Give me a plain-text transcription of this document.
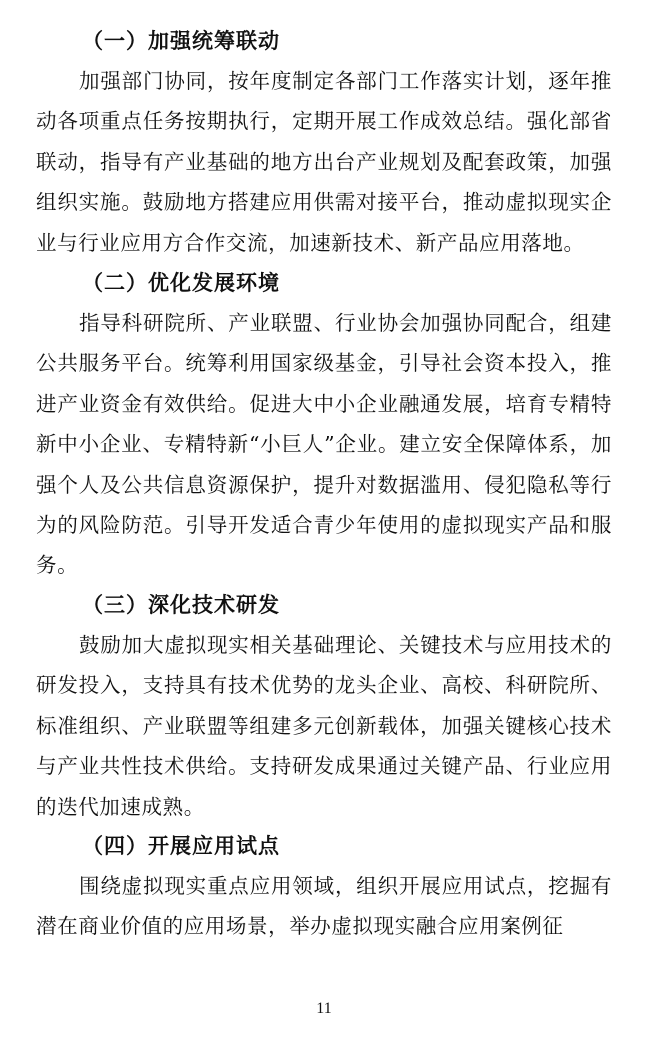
（一）加强统筹联动

加强部门协同，按年度制定各部门工作落实计划，逐年推动各项重点任务按期执行，定期开展工作成效总结。强化部省联动，指导有产业基础的地方出台产业规划及配套政策，加强组织实施。鼓励地方搭建应用供需对接平台，推动虚拟现实企业与行业应用方合作交流，加速新技术、新产品应用落地。

（二）优化发展环境

指导科研院所、产业联盟、行业协会加强协同配合，组建公共服务平台。统筹利用国家级基金，引导社会资本投入，推进产业资金有效供给。促进大中小企业融通发展，培育专精特新中小企业、专精特新“小巨人”企业。建立安全保障体系，加强个人及公共信息资源保护，提升对数据滥用、侵犯隐私等行为的风险防范。引导开发适合青少年使用的虚拟现实产品和服务。

（三）深化技术研发

鼓励加大虚拟现实相关基础理论、关键技术与应用技术的研发投入，支持具有技术优势的龙头企业、高校、科研院所、标准组织、产业联盟等组建多元创新载体，加强关键核心技术与产业共性技术供给。支持研发成果通过关键产品、行业应用的迭代加速成熟。

（四）开展应用试点

围绕虚拟现实重点应用领域，组织开展应用试点，挖掘有潜在商业价值的应用场景，举办虚拟现实融合应用案例征

11
